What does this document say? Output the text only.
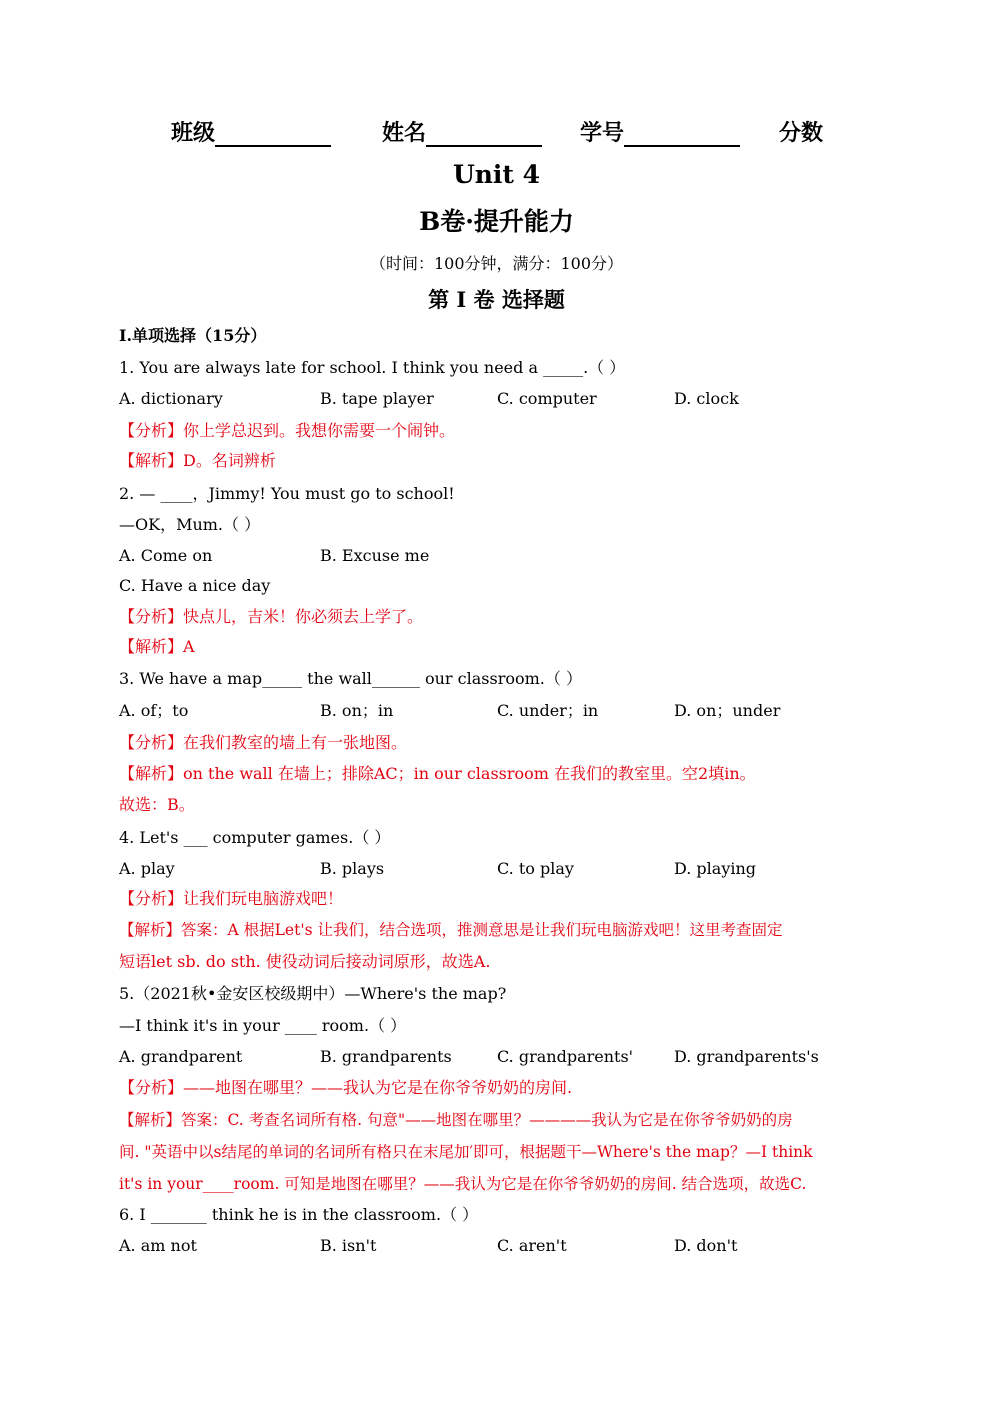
班级	姓名	学号	分数
Unit 4
B卷·提升能力
（时间：100分钟，满分：100分）
第 I 卷 选择题
I.单项选择（15分）
1. You are always late for school. I think you need a _____.（ ）
A. dictionary	B. tape player	C. computer	D. clock
【分析】你上学总迟到。我想你需要一个闹钟。
【解析】D。名词辨析
2. — ____，Jimmy! You must go to school!
—OK，Mum.（ ）
A. Come on	B. Excuse me
C. Have a nice day
【分析】快点儿，吉米！你必须去上学了。
【解析】A
3. We have a map_____ the wall______ our classroom.（ ）
A. of；to	B. on；in	C. under；in	D. on；under
【分析】在我们教室的墙上有一张地图。
【解析】on the wall 在墙上；排除AC；in our classroom 在我们的教室里。空2填in。
故选：B。
4. Let's ___ computer games.（ ）
A. play	B. plays	C. to play	D. playing
【分析】让我们玩电脑游戏吧！
【解析】答案：A 根据Let's 让我们，结合选项，推测意思是让我们玩电脑游戏吧！这里考查固定
短语let sb. do sth. 使役动词后接动词原形，故选A.
5.（2021秋•金安区校级期中）—Where's the map?
—I think it's in your ____ room.（ ）
A. grandparent	B. grandparents	C. grandparents'	D. grandparents's
【分析】——地图在哪里？——我认为它是在你爷爷奶奶的房间.
【解析】答案：C. 考查名词所有格. 句意"——地图在哪里？————我认为它是在你爷爷奶奶的房
间. "英语中以s结尾的单词的名词所有格只在末尾加′即可，根据题干—Where's the map？—I think
it's in your____room. 可知是地图在哪里？——我认为它是在你爷爷奶奶的房间. 结合选项，故选C.
6. I _______ think he is in the classroom.（ ）
A. am not	B. isn't	C. aren't	D. don't
